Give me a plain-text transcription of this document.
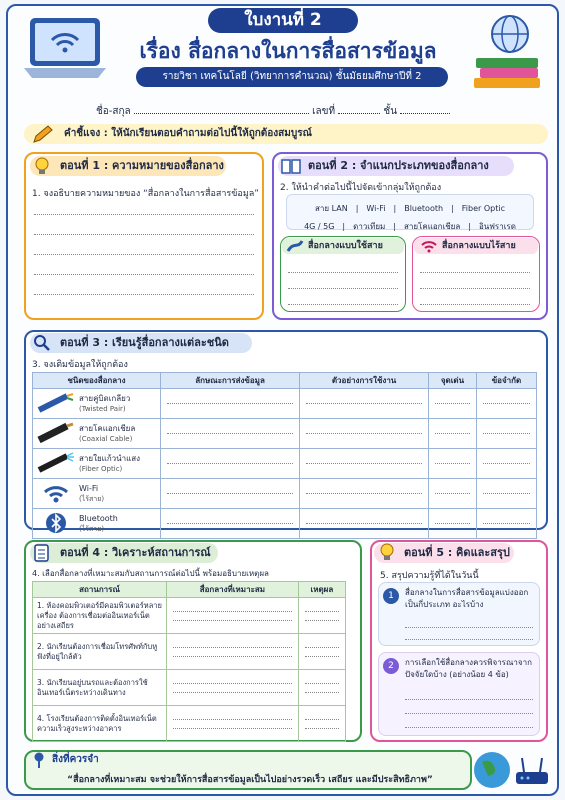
ใบงานที่ 2
เรื่อง สื่อกลางในการสื่อสารข้อมูล
รายวิชา เทคโนโลยี (วิทยาการคำนวณ) ชั้นมัธยมศึกษาปีที่ 2
ชื่อ-สกุล	เลขที่	ชั้น
คำชี้แจง : ให้นักเรียนตอบคำถามต่อไปนี้ให้ถูกต้องสมบูรณ์
ตอนที่ 1 : ความหมายของสื่อกลาง
1. จงอธิบายความหมายของ “สื่อกลางในการสื่อสารข้อมูล”
ตอนที่ 2 : จำแนกประเภทของสื่อกลาง
2. ให้นำคำต่อไปนี้ไปจัดเข้ากลุ่มให้ถูกต้อง
สาย LAN | Wi-Fi | Bluetooth | Fiber Optic
4G / 5G | ดาวเทียม | สายโคแอกเชียล | อินฟราเรด
สื่อกลางแบบใช้สาย	สื่อกลางแบบไร้สาย
ตอนที่ 3 : เรียนรู้สื่อกลางแต่ละชนิด
3. จงเติมข้อมูลให้ถูกต้อง
ชนิดของสื่อกลาง	ลักษณะการส่งข้อมูล	ตัวอย่างการใช้งาน	จุดเด่น	ข้อจำกัด

สายคู่บิดเกลียว
(Twisted Pair)				

สายโคแอกเชียล
(Coaxial Cable)				

สายใยแก้วนำแสง
(Fiber Optic)				

Wi-Fi
(ไร้สาย)				

Bluetooth
(ไร้สาย)				

ตอนที่ 4 : วิเคราะห์สถานการณ์
4. เลือกสื่อกลางที่เหมาะสมกับสถานการณ์ต่อไปนี้ พร้อมอธิบายเหตุผล
สถานการณ์	สื่อกลางที่เหมาะสม	เหตุผล
1. ห้องคอมพิวเตอร์มีคอมพิวเตอร์หลายเครื่อง ต้องการเชื่อมต่ออินเทอร์เน็ตอย่างเสถียร	

2. นักเรียนต้องการเชื่อมโทรศัพท์กับหูฟังที่อยู่ใกล้ตัว	

3. นักเรียนอยู่บนรถและต้องการใช้อินเทอร์เน็ตระหว่างเดินทาง	

4. โรงเรียนต้องการติดตั้งอินเทอร์เน็ตความเร็วสูงระหว่างอาคาร	

ตอนที่ 5 : คิดและสรุป
5. สรุปความรู้ที่ได้ในวันนี้
1	สื่อกลางในการสื่อสารข้อมูลแบ่งออกเป็นกี่ประเภท อะไรบ้าง
2	การเลือกใช้สื่อกลางควรพิจารณาจากปัจจัยใดบ้าง (อย่างน้อย 4 ข้อ)
สิ่งที่ควรจำ
“สื่อกลางที่เหมาะสม จะช่วยให้การสื่อสารข้อมูลเป็นไปอย่างรวดเร็ว เสถียร และมีประสิทธิภาพ”
